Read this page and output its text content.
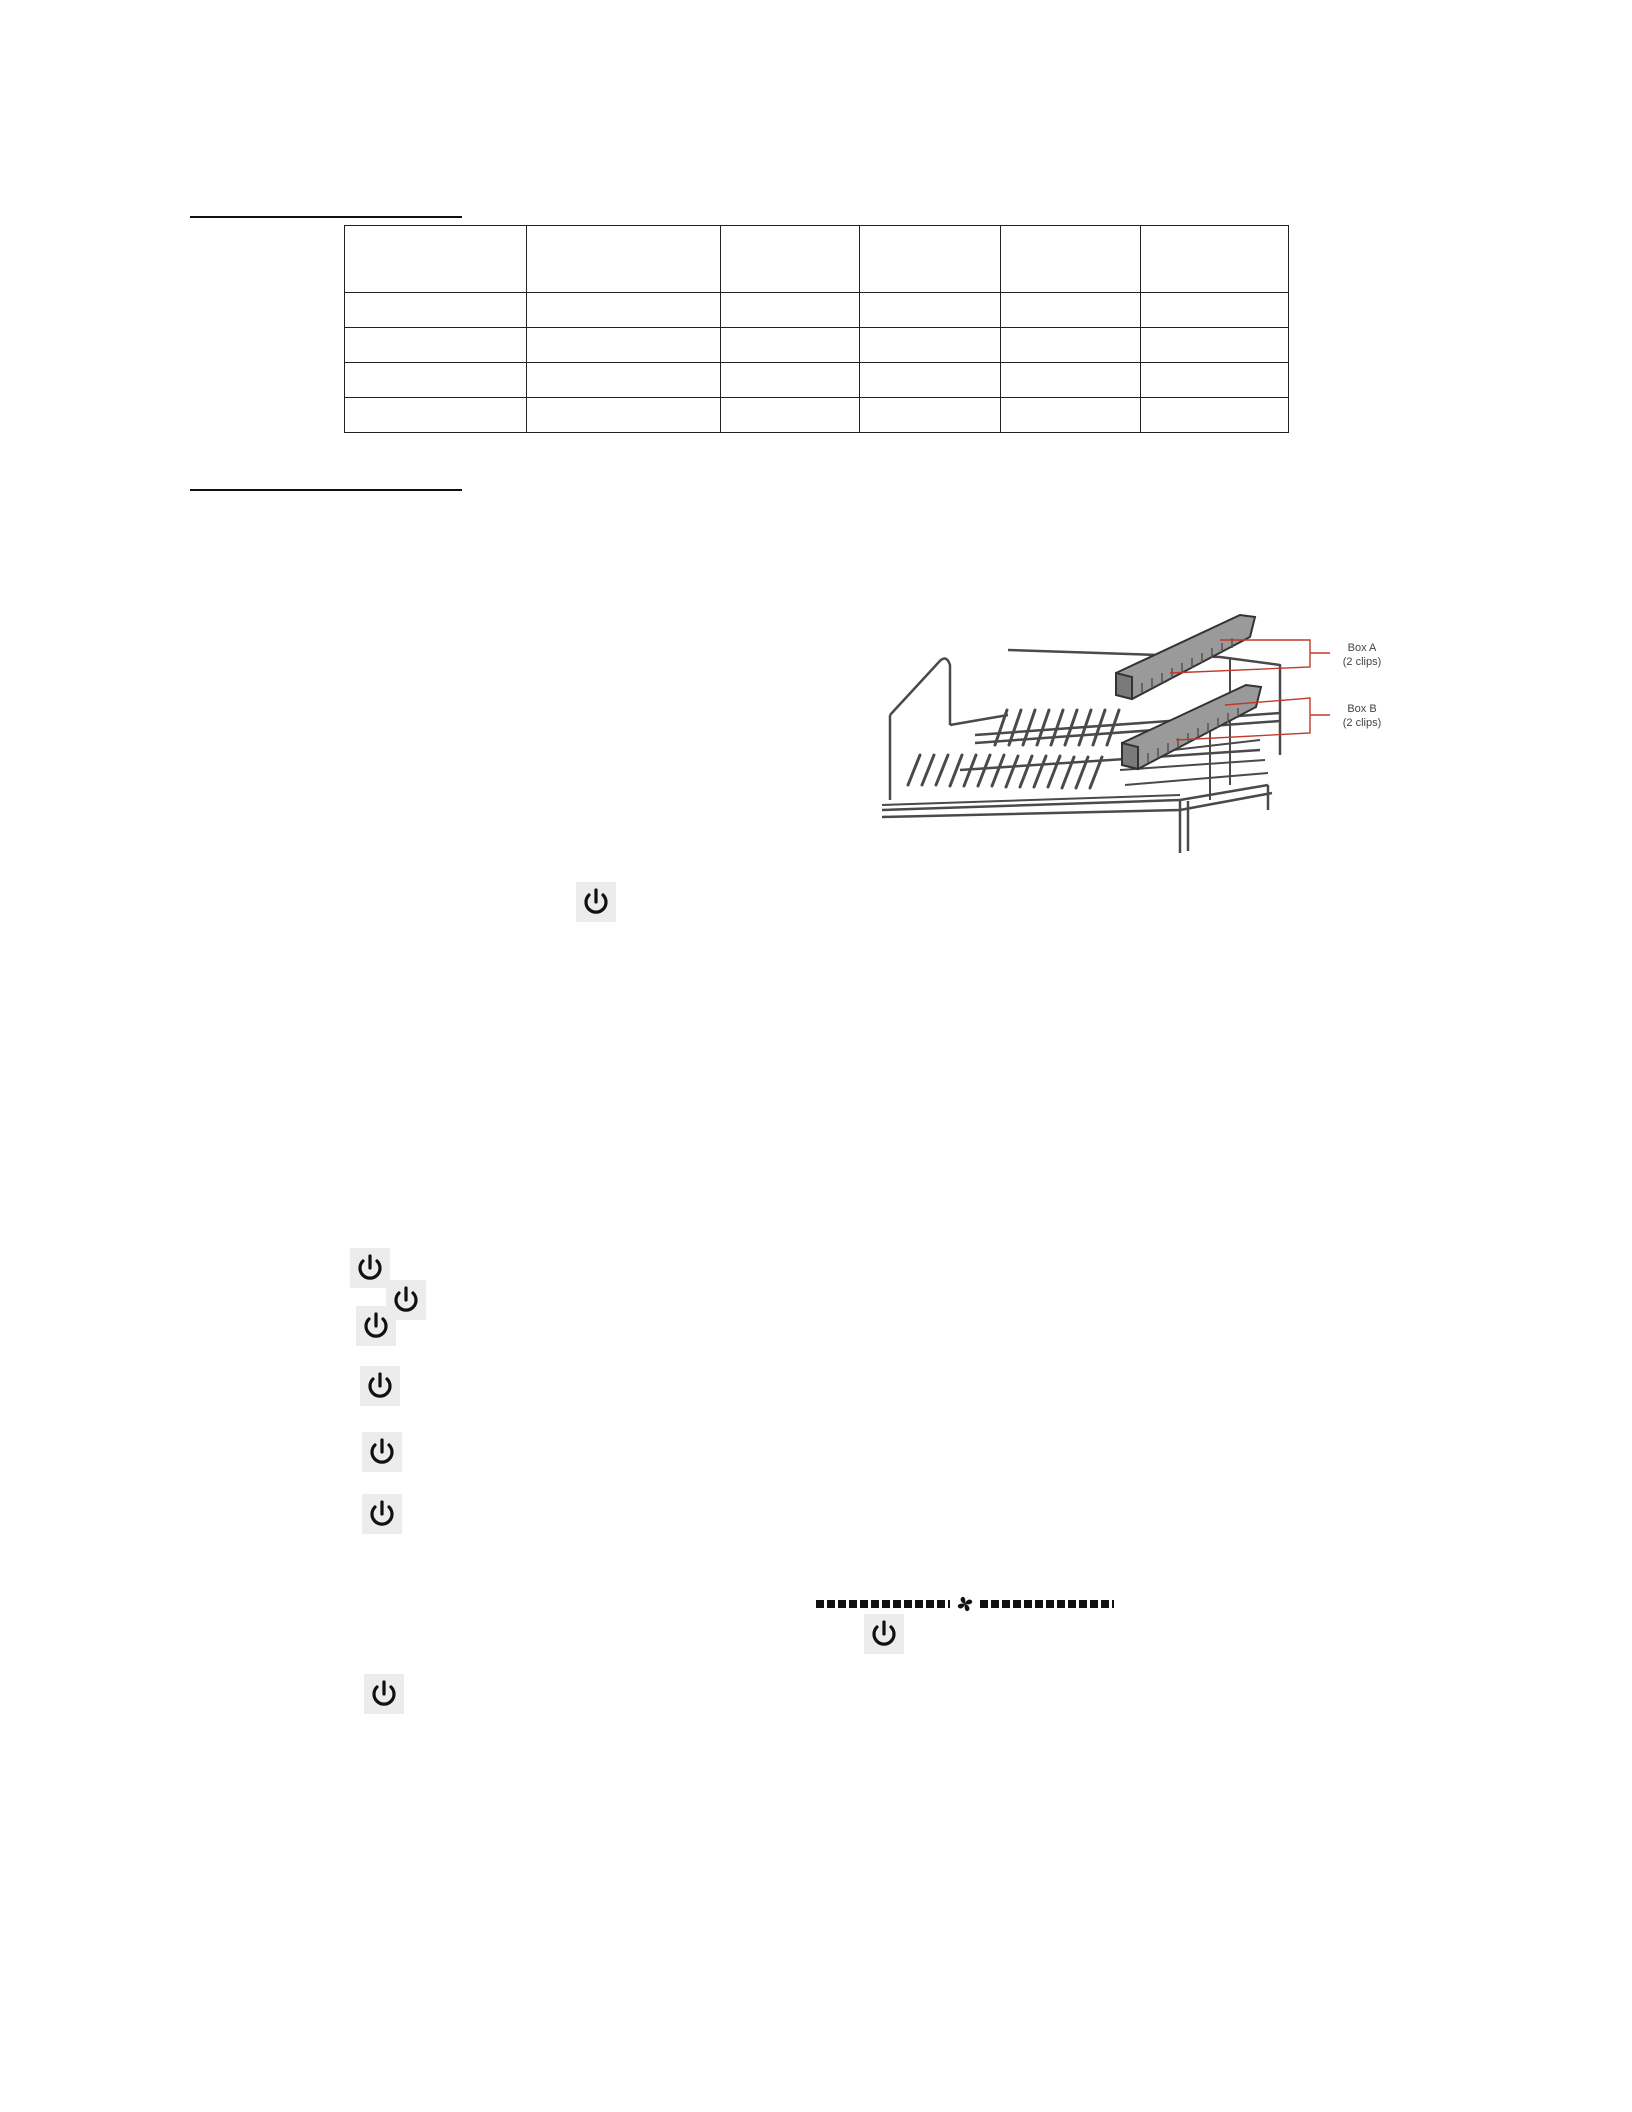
Box A
(2 clips)
Box B
(2 clips)
